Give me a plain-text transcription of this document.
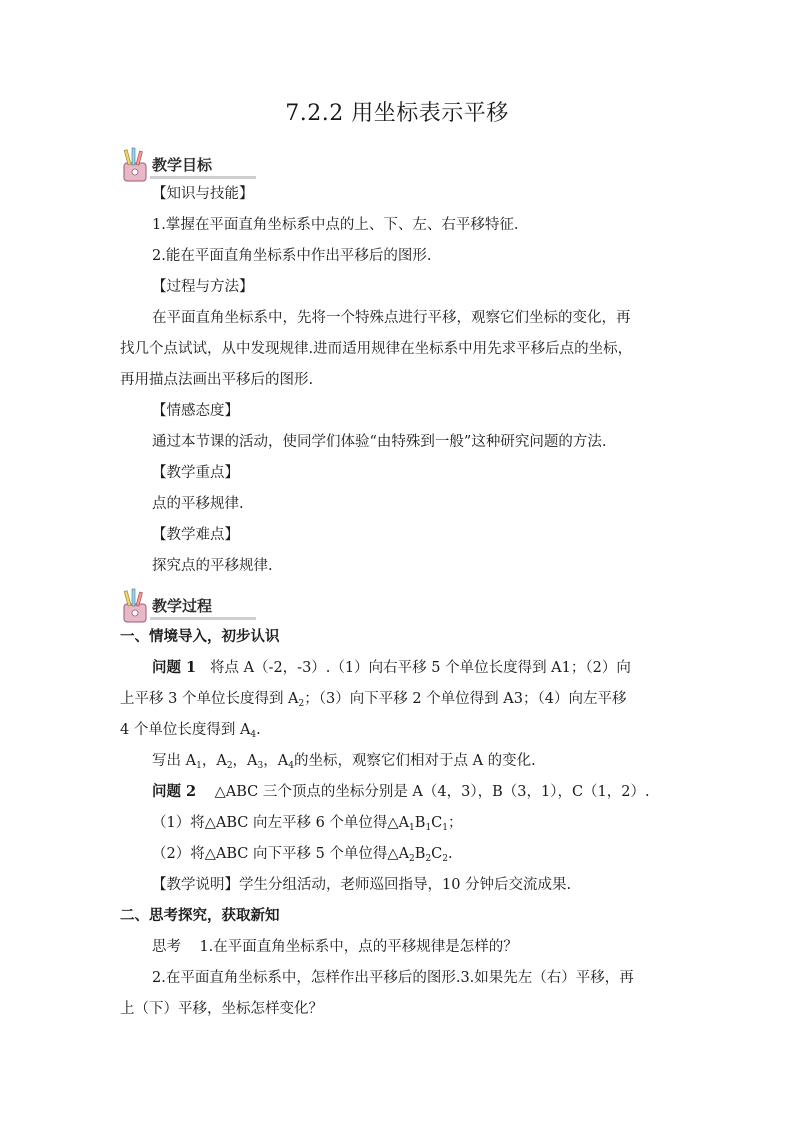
7.2.2 用坐标表示平移
教学目标
【知识与技能】
1.掌握在平面直角坐标系中点的上、下、左、右平移特征.
2.能在平面直角坐标系中作出平移后的图形.
【过程与方法】
在平面直角坐标系中，先将一个特殊点进行平移，观察它们坐标的变化，再
找几个点试试，从中发现规律.进而适用规律在坐标系中用先求平移后点的坐标，
再用描点法画出平移后的图形.
【情感态度】
通过本节课的活动，使同学们体验“由特殊到一般”这种研究问题的方法.
【教学重点】
点的平移规律.
【教学难点】
探究点的平移规律.
教学过程
一、情境导入，初步认识
问题 1 将点 A（-2，-3）.（1）向右平移 5 个单位长度得到 A1；（2）向
上平移 3 个单位长度得到 $A_2$；（3）向下平移 2 个单位得到 A3；（4）向左平移
4 个单位长度得到 $A_4$.
写出 $A_1$，$A_2$，$A_3$，$A_4$的坐标，观察它们相对于点 A 的变化.
问题 2 △ABC 三个顶点的坐标分别是 A（4，3），B（3，1），C（1，2）.
（1）将△ABC 向左平移 6 个单位得$\triangle A_1B_1C_1$；
（2）将△ABC 向下平移 5 个单位得$\triangle A_2B_2C_2$.
【教学说明】学生分组活动，老师巡回指导，10 分钟后交流成果.
二、思考探究，获取新知
思考 1.在平面直角坐标系中，点的平移规律是怎样的？
2.在平面直角坐标系中，怎样作出平移后的图形.3.如果先左（右）平移，再
上（下）平移，坐标怎样变化？
